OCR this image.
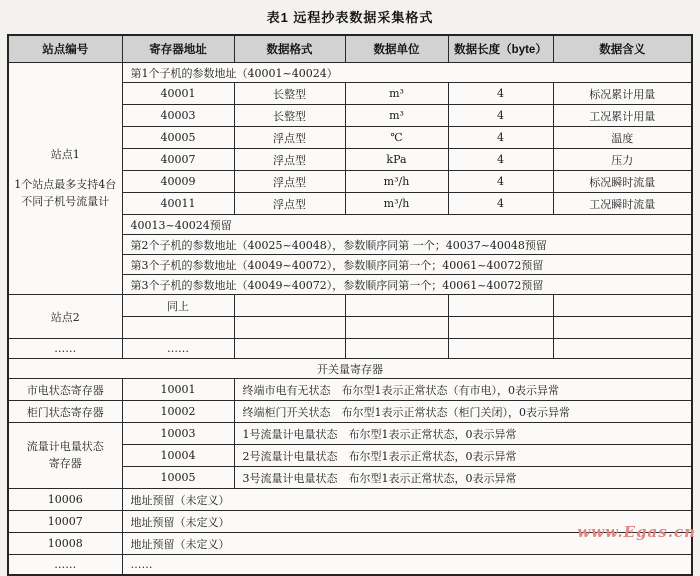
表1 远程抄表数据采集格式
站点编号	寄存器地址	数据格式	数据单位	数据长度（byte）	数据含义

站点1
1个站点最多支持4台
不同子机号流量计	第1个子机的参数地址（40001~40024）				
	40001	长整型	m³	4	标况累计用量
	40003	长整型	m³	4	工况累计用量
	40005	浮点型	℃	4	温度
	40007	浮点型	kPa	4	压力
	40009	浮点型	m³/h	4	标况瞬时流量
	40011	浮点型	m³/h	4	工况瞬时流量
	40013~40024预留				
	第2个子机的参数地址（40025~40048），参数顺序同第 一个；40037~40048预留				
	第3个子机的参数地址（40049~40072），参数顺序同第一个；40061~40072预留				
	第3个子机的参数地址（40049~40072），参数顺序同第一个；40061~40072预留				
站点2	同上				

……	……				
开关量寄存器					
市电状态寄存器	10001	终端市电有无状态　布尔型1表示正常状态（有市电），0表示异常			
柜门状态寄存器	10002	终端柜门开关状态　布尔型1表示正常状态（柜门关闭），0表示异常			

流量计电量状态
寄存器	10003	1号流量计电量状态　布尔型1表示正常状态，0表示异常			
	10004	2号流量计电量状态　布尔型1表示正常状态，0表示异常			
	10005	3号流量计电量状态　布尔型1表示正常状态，0表示异常			
10006	地址预留（未定义）				
10007	地址预留（未定义）				
10008	地址预留（未定义）				
……	……				
www.Egas.cn
